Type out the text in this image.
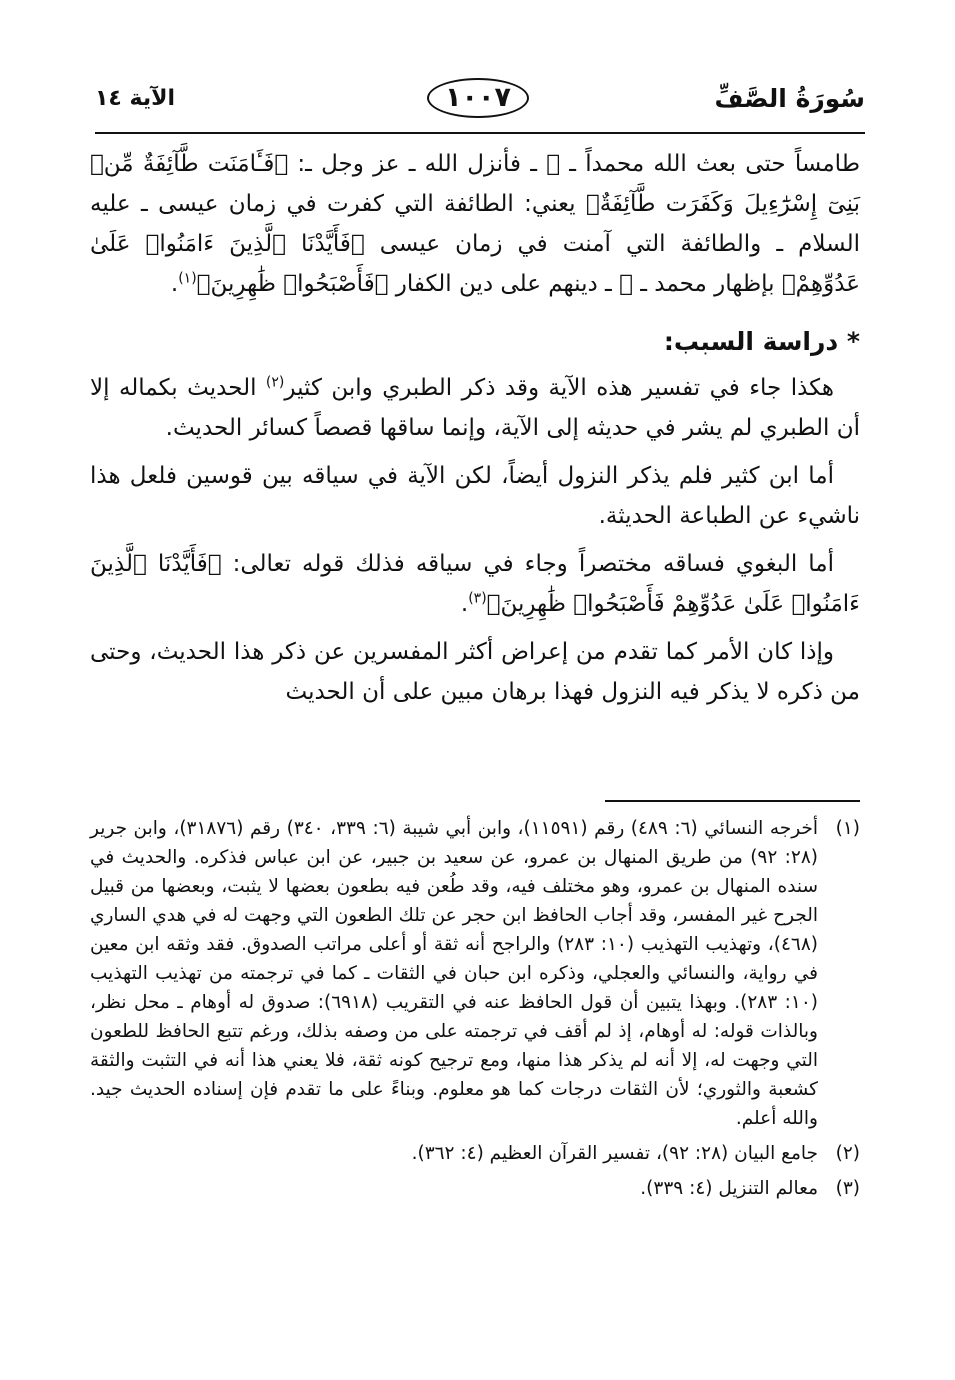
سُورَةُ الصَّفِّ
١٠٠٧
الآية ١٤

طامساً حتى بعث الله محمداً ـ ﷺ ـ فأنزل الله ـ عز وجل ـ: ﴿فَـَٔامَنَت طَّآئِفَةٌ مِّنۢ بَنِىٓ إِسْرَٰٓءِيلَ وَكَفَرَت طَّآئِفَةٌ﴾ يعني: الطائفة التي كفرت في زمان عيسى ـ عليه السلام ـ والطائفة التي آمنت في زمان عيسى ﴿فَأَيَّدْنَا ٱلَّذِينَ ءَامَنُوا۟ عَلَىٰ عَدُوِّهِمْ﴾ بإظهار محمد ـ ﷺ ـ دينهم على دين الكفار ﴿فَأَصْبَحُوا۟ ظَٰهِرِينَ﴾$^{(١)}$.

* دراسة السبب:

هكذا جاء في تفسير هذه الآية وقد ذكر الطبري وابن كثير$^{(٢)}$ الحديث بكماله إلا أن الطبري لم يشر في حديثه إلى الآية، وإنما ساقها قصصاً كسائر الحديث.

أما ابن كثير فلم يذكر النزول أيضاً، لكن الآية في سياقه بين قوسين فلعل هذا ناشيء عن الطباعة الحديثة.

أما البغوي فساقه مختصراً وجاء في سياقه فذلك قوله تعالى: ﴿فَأَيَّدْنَا ٱلَّذِينَ ءَامَنُوا۟ عَلَىٰ عَدُوِّهِمْ فَأَصْبَحُوا۟ ظَٰهِرِينَ﴾$^{(٣)}$.

وإذا كان الأمر كما تقدم من إعراض أكثر المفسرين عن ذكر هذا الحديث، وحتى من ذكره لا يذكر فيه النزول فهذا برهان مبين على أن الحديث

(١)
أخرجه النسائي (٦: ٤٨٩) رقم (١١٥٩١)، وابن أبي شيبة (٦: ٣٣٩، ٣٤٠) رقم (٣١٨٧٦)، وابن جرير (٢٨: ٩٢) من طريق المنهال بن عمرو، عن سعيد بن جبير، عن ابن عباس فذكره. والحديث في سنده المنهال بن عمرو، وهو مختلف فيه، وقد طُعن فيه بطعون بعضها لا يثبت، وبعضها من قبيل الجرح غير المفسر، وقد أجاب الحافظ ابن حجر عن تلك الطعون التي وجهت له في هدي الساري (٤٦٨)، وتهذيب التهذيب (١٠: ٢٨٣) والراجح أنه ثقة أو أعلى مراتب الصدوق. فقد وثقه ابن معين في رواية، والنسائي والعجلي، وذكره ابن حبان في الثقات ـ كما في ترجمته من تهذيب التهذيب (١٠: ٢٨٣). وبهذا يتبين أن قول الحافظ عنه في التقريب (٦٩١٨): صدوق له أوهام ـ محل نظر، وبالذات قوله: له أوهام، إذ لم أقف في ترجمته على من وصفه بذلك، ورغم تتبع الحافظ للطعون التي وجهت له، إلا أنه لم يذكر هذا منها، ومع ترجيح كونه ثقة، فلا يعني هذا أنه في التثبت والثقة كشعبة والثوري؛ لأن الثقات درجات كما هو معلوم. وبناءً على ما تقدم فإن إسناده الحديث جيد. والله أعلم.
(٢)
جامع البيان (٢٨: ٩٢)، تفسير القرآن العظيم (٤: ٣٦٢).
(٣)
معالم التنزيل (٤: ٣٣٩).
